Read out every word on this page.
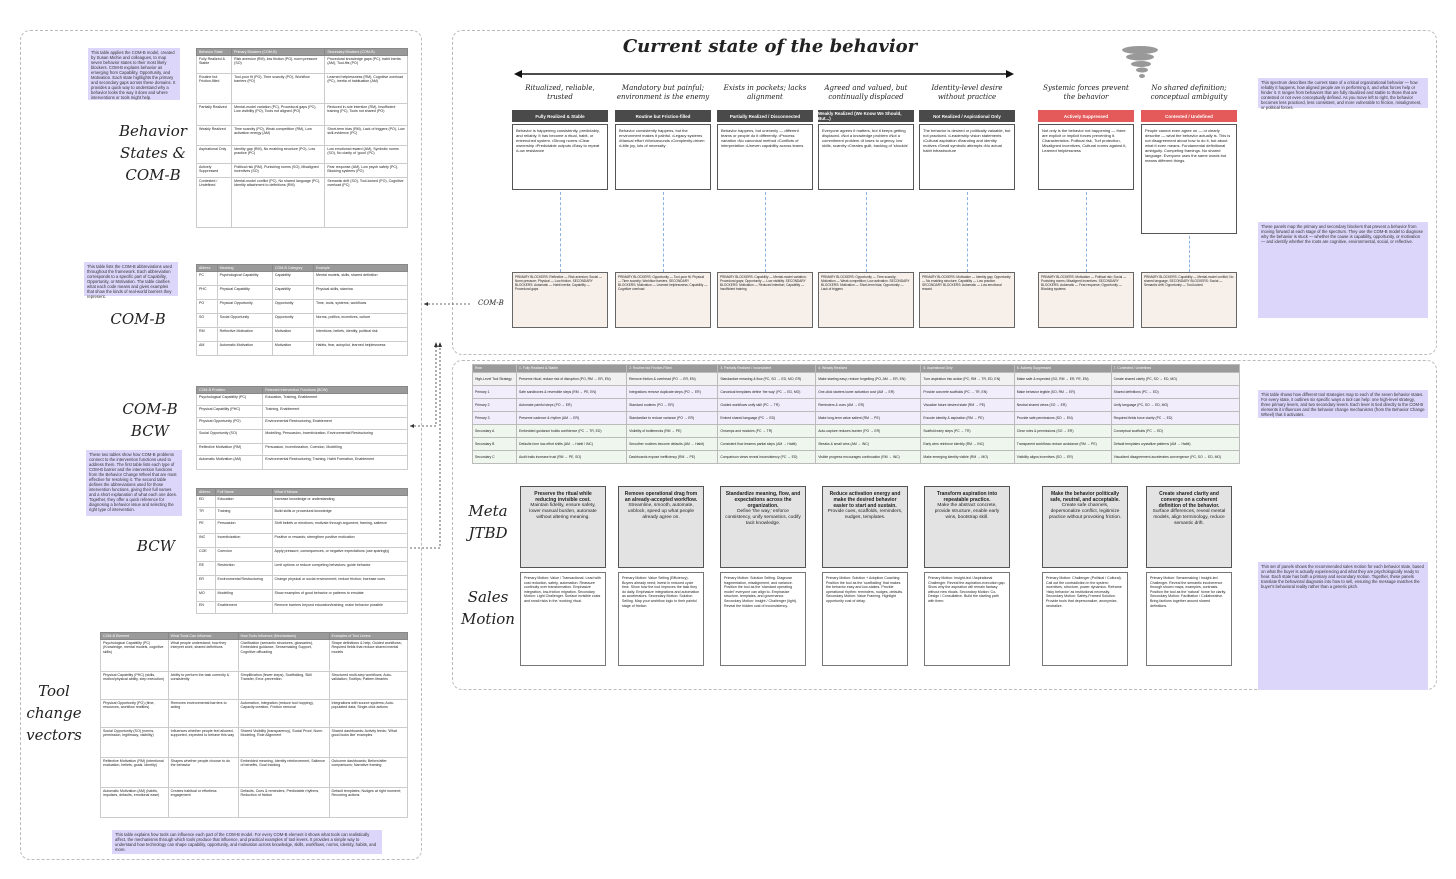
Behavior States & COM-B
COM-B
COM-B BCW
BCW
Tool change vectors
This table applies the COM-B model, created by Susan Michie and colleagues, to map seven behavior states to their most likely blockers. COM-B explains behavior as emerging from Capability, Opportunity, and Motivation. Each state highlights the primary and secondary gaps across these domains. It provides a quick way to understand why a behavior looks the way it does and where interventions or tools might help.
This table lists the COM-B abbreviations used throughout the framework. Each abbreviation corresponds to a specific part of Capability, Opportunity, or Motivation. The table clarifies what each code means and gives examples that show the kinds of real-world barriers they represent.
These two tables show how COM-B problems connect to the intervention functions used to address them. The first table lists each type of COM-B barrier and the intervention functions from the Behavior Change Wheel that are most effective for resolving it. The second table defines the abbreviations used for those intervention functions, giving their full names and a short explanation of what each one does. Together, they offer a quick reference for diagnosing a behavior issue and selecting the right type of intervention.
This table explains how tools can influence each part of the COM-B model. For every COM-B element it shows what tools can realistically affect, the mechanisms through which tools produce that influence, and practical examples of tool levers. It provides a simple way to understand how technology can shape capability, opportunity, and motivation across knowledge, skills, workflows, norms, identity, habits, and more.
Behavior State	Primary Blockers (COM-B)	Secondary Blockers (COM-B)
Fully Realized & Stable	Risk aversion (RM), low friction (PO), norm pressure (SO)	Procedural knowledge gaps (PC), habit inertia (AM), Tool-fits (PO)
Routine but Friction-filled	Tool-poor fit (PO), Time scarcity (PO), Workflow barriers (PO)	Learned helplessness (RM), Cognitive overload (PC), Inertia of habituation (AM)
Partially Realized	Mental-model variation (PC), Procedural gaps (PC), Low visibility (PO), Tools not aligned (PO)	Reduced in-role intention (RM), Insufficient training (PC), Tools not shared (PO)
Weakly Realized	Time scarcity (PO), Weak competition (RM), Low activation energy (AM)	Short-term bias (RM), Lack of triggers (PO), Low skill-evidence (PC)
Aspirational Only	Identity gap (RM), No enabling structure (PO), Low practice (PC)	Low emotional reward (AM), Symbolic norms (SO), No clarity of 'good' (PC)
Actively Suppressed	Political risk (RM), Punishing norms (SO), Misaligned incentives (SO)	Fear response (AM), Low psych safety (PC), Blocking systems (PO)
Contested / Undefined	Mental-model conflict (PC), No shared language (PC), Identity attachment to definitions (RM)	Semantic drift (SO), Tool-locked (PO), Cognitive overload (PC)
Abbrev	Meaning	COM-B Category	Example
PC	Psychological Capability	Capability	Mental models, skills, shared definition
PHC	Physical Capability	Capability	Physical skills, stamina
PO	Physical Opportunity	Opportunity	Time, tools, systems, workflows
SO	Social Opportunity	Opportunity	Norms, politics, incentives, culture
RM	Reflective Motivation	Motivation	Intentions, beliefs, identity, political risk
AM	Automatic Motivation	Motivation	Habits, fear, autopilot, learned helplessness
COM-B Problem	Relevant Intervention Functions (BCW)
Psychological Capability (PC)	Education, Training, Enablement
Physical Capability (PHC)	Training, Enablement
Physical Opportunity (PO)	Environmental Restructuring, Enablement
Social Opportunity (SO)	Modelling, Persuasion, Incentivization, Environmental Restructuring
Reflective Motivation (RM)	Persuasion, Incentivization, Coercion, Modelling
Automatic Motivation (AM)	Environmental Restructuring, Training, Habit Formation, Enablement
Abbrev	Full Name	What It Means
ED	Education	Increase knowledge or understanding
TR	Training	Build skills or procedural knowledge
PE	Persuasion	Shift beliefs or emotions; motivate through argument, framing, salience
INC	Incentivization	Positive or rewards; strengthen positive motivation
COE	Coercion	Apply pressure, consequences, or negative expectations (use sparingly)
RE	Restriction	Limit options or reduce competing behaviors; guide behavior
ER	Environmental Restructuring	Change physical or social environment; reduce friction; increase cues
MO	Modelling	Show examples of good behavior or patterns to emulate
EN	Enablement	Remove barriers beyond education/training; make behavior possible
COM-B Element	What Tools Can Influence	How Tools Influence (Mechanisms)	Examples of Tool Levers
Psychological Capability (PC) (Knowledge, mental models, cognitive skills)	What people understand; how they interpret work; shared definitions	Clarification (semantic structures, glossaries), Embedded guidance, Sensemaking Support, Cognitive offloading	Shape definitions & help; Guided workflows; Required fields that reduce shared mental models
Physical Capability (PHC) (skills, motion/physical ability, step execution)	Ability to perform the task correctly & consistently	Simplification (fewer steps), Scaffolding, Skill Transfer, Error-prevention	Structured multi-step workflows; Auto-validation; Tooltips; Pattern libraries
Physical Opportunity (PO) (time, resources, workflow realities)	Removes environmental barriers to acting	Automation, Integration (reduce tool hopping), Capacity creation, Friction removal	Integrations with source systems; Auto-populated data; Single-click actions
Social Opportunity (SO) (norms, permission, legitimacy, visibility)	Influences whether people feel allowed, supported, expected to behave this way	Shared Visibility (transparency), Social Proof, Norm Modeling, Role Alignment	Shared dashboards; Activity feeds; 'What good looks like' examples
Reflective Motivation (RM) (intentional evaluation, beliefs, goals, identity)	Shapes whether people choose to do the behavior	Embedded meaning, Identity reinforcement, Salience of benefits, Goal tracking	Outcome dashboards; Before/after comparisons; Narrative framing
Automatic Motivation (AM) (habits, impulses, defaults, emotional ease)	Creates habitual or effortless engagement	Defaults, Cues & reminders, Predictable rhythms, Reduction of friction	Default templates; Nudges at right moment; Recurring actions
COM-B
Current state of the behavior
This spectrum describes the current state of a critical organizational behavior — how reliably it happens, how aligned people are in performing it, and what forces help or hinder it. It ranges from behaviors that are fully ritualized and stable to those that are contested or not even conceptually defined. As you move left to right, the behavior becomes less practiced, less consistent, and more vulnerable to friction, misalignment, or political forces.
These panels map the primary and secondary blockers that prevent a behavior from moving forward at each stage of the spectrum. They use the COM-B model to diagnose why the behavior is stuck — whether the cause is capability, opportunity, or motivation — and identify whether the roots are cognitive, environmental, social, or reflective.
This table shows how different tool strategies map to each of the seven behavior states. For every state, it outlines six specific ways a tool can help: one high-level strategy, three primary levers, and two secondary levers. Each lever is tied directly to the COM-B elements it influences and the behavior change mechanisms (from the Behavior Change Wheel) that it activates.
This set of panels shows the recommended sales motion for each behavior state, based on what the buyer is actually experiencing and what they are psychologically ready to hear. Each state has both a primary and secondary motion. Together, these panels translate the behavioral diagnosis into how to sell, ensuring the message matches the buyer's behavioral reality rather than a generic pitch.
Ritualized, reliable, trusted
Mandatory but painful; environment is the enemy
Exists in pockets; lacks alignment
Agreed and valued, but continually displaced
Identity-level desire without practice
Systemic forces prevent the behavior
No shared definition; conceptual ambiguity
Fully Realized & Stable	Routine but Friction-filled	Partially Realized / Disconnected	Weakly Realized (We Know We Should, But...)	Not Realized / Aspirational Only	Actively Suppressed	Contested / Undefined
Behavior is happening consistently, predictably, and reliably. It has become a ritual, habit, or entrenched system. •Strong norms •Clear ownership •Predictable outputs •Easy to repeat •Low resistance
Behavior consistently happens, but the environment makes it painful. •Legacy systems •Manual effort •Workarounds •Complexity-driven •Little joy, lots of necessity
Behavior happens, but unevenly — different teams or people do it differently. •Process variation •No canonical method •Conflicts of interpretation •Uneven capability across teams
Everyone agrees it matters, but it keeps getting displaced. •Not a knowledge problem •Not a commitment problem •It loses to urgency, low skills, scarcity •Creates guilt, backlog of 'shoulds'
The behavior is desired or politically valuable, but not practiced. •Leadership vision statements •Cultural aspiration •Branding and identity motives •Small symbolic attempts •No actual habit infrastructure
Not only is the behavior not happening — there are explicit or implicit forces preventing it. Characteristics: Political risk, Turf protection, Misaligned incentives, Cultural norms against it, Learned helplessness
People cannot even agree on — or clearly describe — what the behavior actually is. This is not disagreement about how to do it, but about what it even means. Fundamental definitional ambiguity. Competing framings. No shared language. Everyone uses the same words but means different things.
PRIMARY BLOCKERS: Reflective — Risk aversion; Social — Norm pressure; Physical — Low friction. SECONDARY BLOCKERS: Automatic — Habit inertia; Capability — Procedural gaps
PRIMARY BLOCKERS: Opportunity — Tool-poor fit; Physical — Time scarcity; Workflow barriers. SECONDARY BLOCKERS: Motivation — Learned helplessness; Capability — Cognitive overload
PRIMARY BLOCKERS: Capability — Mental-model variation; Procedural gaps; Opportunity — Low visibility. SECONDARY BLOCKERS: Motivation — Reduced intention; Capability — Insufficient training
PRIMARY BLOCKERS: Opportunity — Time scarcity; Motivation — Weak competition; Low activation. SECONDARY BLOCKERS: Motivation — Short-term bias; Opportunity — Lack of triggers
PRIMARY BLOCKERS: Motivation — Identity gap; Opportunity — No enabling structure; Capability — Low practice. SECONDARY BLOCKERS: Automatic — Low emotional reward
PRIMARY BLOCKERS: Motivation — Political risk; Social — Punishing norms; Misaligned incentives. SECONDARY BLOCKERS: Automatic — Fear response; Opportunity — Blocking systems
PRIMARY BLOCKERS: Capability — Mental-model conflict; No shared language. SECONDARY BLOCKERS: Social — Semantic drift; Opportunity — Tool-locked
Row	1. Fully Realized & Stable	2. Routine but Friction-Filled	3. Partially Realized / Inconsistent	4. Weakly Realized	5. Aspirational Only	6. Actively Suppressed	7. Contested / Undefined
High-Level Tool Strategy	Preserve ritual; reduce risk of disruption (PO, RM → ER, EN)	Remove friction & overhead (PO → ER, EN)	Standardize meaning & flow (PC, SO → ED, MO, ER)	Make starting easy; reduce forgetting (PO, AM → ER, EN)	Turn aspiration into action (PC, RM → TR, ED, EN)	Make safe & expected (SO, RM → ER, PE, EN)	Create shared clarity (PC, SO → ED, MO)
Primary 1	Safe sandboxes & reversible steps (RM → PE, EN)	Integrations remove duplicate steps (PO → ER)	Canonical templates define 'the way' (PC → ED, MO)	One-click starters lower activation cost (AM → ER)	Provide concrete scaffolds (PC → TR, EN)	Make behavior legible (SO, RM → ER)	Shared definitions (PC → ED)
Primary 2	Automate painful steps (PO → ER)	Standard routines (PO → ER)	Guided workflows unify skill (PC → TR)	Reminders & cues (AM → ER)	Visualize future desired state (RM → PE)	Neutral shared views (SO → ER)	Unify language (PC, SO → ED, MO)
Primary 3	Preserve cadence & rhythm (AM → ER)	Standardize to reduce variance (PO → ER)	Embed shared language (PC → ED)	Make long-term value salient (RM → PE)	Encode identity & aspiration (RM → PE)	Provide safe permissions (SO → EN)	Required fields force clarity (PC → ED)
Secondary A	Embedded guidance builds confidence (PC → TR, ED)	Visibility of bottlenecks (RM → PE)	Onramps and modules (PC → TR)	Auto-capture reduces burden (PO → ER)	Scaffold early steps (PC → TR)	Clear roles & permissions (SO → ER)	Conceptual scaffolds (PC → ED)
Secondary B	Defaults form low-effort shifts (AM → Habit / INC)	Smoother routines become defaults (AM → Habit)	Consistent flow lessens partial steps (AM → Habit)	Streaks & small wins (AM → INC)	Early wins reinforce identity (RM → INC)	Transparent workflows reduce avoidance (RM → PE)	Default templates crystallize patterns (AM → Habit)
Secondary C	Audit trails increase trust (RM → PE, SO)	Dashboards expose inefficiency (RM → PE)	Comparison views reveal inconsistency (PC → ED)	Visible progress encourages continuation (RM → INC)	Make emerging identity visible (RM → MO)	Visibility aligns incentives (SO → ER)	Visualized disagreement accelerates convergence (PC, SO → ED, MO)
Meta JTBD
Sales Motion
Preserve the ritual while reducing invisible cost.
Maintain fidelity, ensure safety, lower manual burden, automate without altering meaning.
Remove operational drag from an already-accepted workflow.
Streamline, smooth, automate, unblock, speed up what people already agree on.
Standardize meaning, flow, and expectations across the organization.
Define 'the way,' enforce consistency, unify semantics, codify tacit knowledge.
Reduce activation energy and make the desired behavior easier to start and sustain.
Provide cues, scaffolds, reminders, nudges, templates.
Transform aspiration into repeatable practice.
Make the abstract concrete, provide structure, enable early wins, bootstrap skill.
Make the behavior politically safe, neutral, and acceptable.
Create safe channels, depersonalize conflict, legitimize practice without provoking friction.
Create shared clarity and converge on a coherent definition of the behavior.
Surface differences, reveal mental models, align terminology, reduce semantic drift.
Primary Motion: Value / Transactional. Lead with cost reduction, safety, automation. Reassure continuity over transformation. Emphasize integration, low-friction migration. Secondary Motion: Light Challenger. Surface invisible costs and small risks in the 'working' ritual.
Primary Motion: Value Selling (Efficiency). Buyers already need; invest in reduced cycle time. Show how the tool improves the task they do daily. Emphasize integrations and automation as accelerators. Secondary Motion: Solution Selling. Map your workflow logic to their painful stage of friction.
Primary Motion: Solution Selling. Diagnose fragmentation, misalignment, and variance. Position the tool as the 'standard operating model' everyone can align to. Emphasize structure, templates, and governance. Secondary Motion: Insight / Challenger (light). Reveal the hidden cost of inconsistency.
Primary Motion: Solution + Adoption Coaching. Position the tool as the 'scaffolding' that makes the behavior easy and low-stakes. Provide operational rhythm: reminders, nudges, defaults. Secondary Motion: Value Framing. Highlight opportunity cost of delay.
Primary Motion: Insight-led / Aspirational Challenger. Reveal the aspiration-execution gap. Show why the aspiration will remain fantasy without new rituals. Secondary Motion: Co-Design / Consultative. Build the starting path with them.
Primary Motion: Challenger (Political / Cultural). Call out the contradiction in the system: incentives, structure, power dynamics. Reframe 'risky behavior' as institutional necessity. Secondary Motion: Safety-Framed Solution. Provide tools that depersonalize, anonymize, neutralize.
Primary Motion: Sensemaking / Insight-led Challenger. Reveal the semantic incoherence through shown maps, examples, contrasts. Position the tool as the 'natural' home for clarity. Secondary Motion: Facilitation / Collaborative. Bring factions together around shared definitions.
